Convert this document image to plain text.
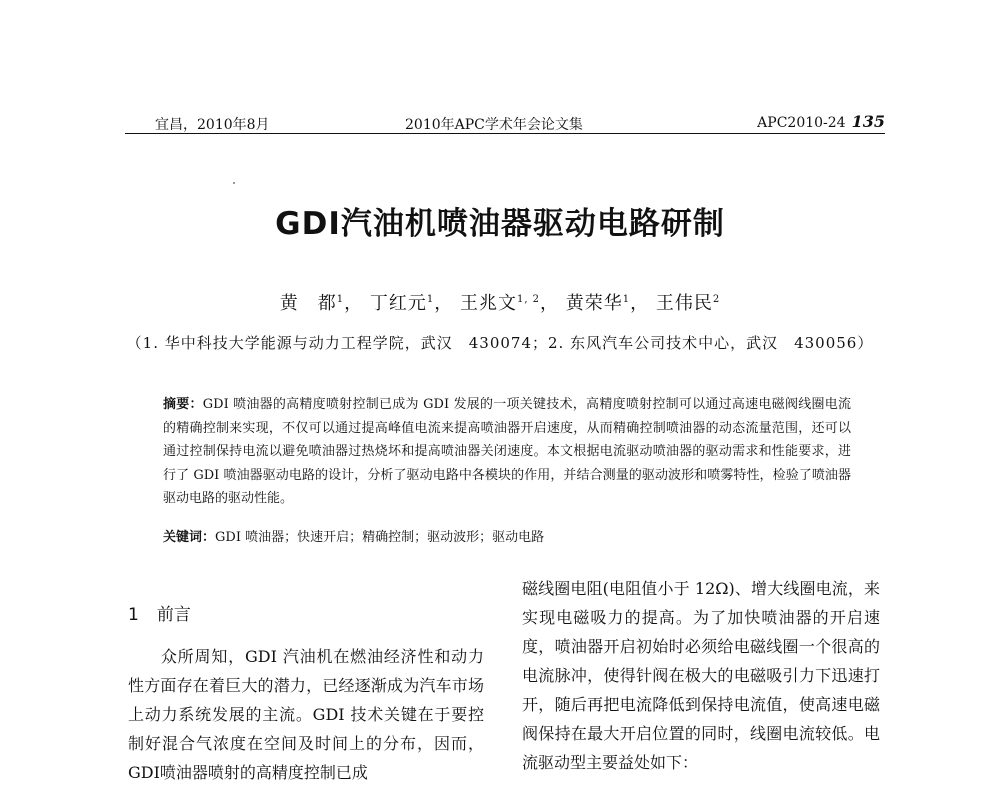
宜昌，2010年8月	2010年APC学术年会论文集	APC2010-24 135
GDI汽油机喷油器驱动电路研制
黄　都$^1$， 丁红元$^1$， 王兆文$^{1, 2}$， 黄荣华$^1$， 王伟民$^2$
（1. 华中科技大学能源与动力工程学院，武汉　430074；2. 东风汽车公司技术中心，武汉　430056）
摘要：GDI 喷油器的高精度喷射控制已成为 GDI 发展的一项关键技术，高精度喷射控制可以通过高速电磁阀线圈电流的精确控制来实现，不仅可以通过提高峰值电流来提高喷油器开启速度，从而精确控制喷油器的动态流量范围，还可以通过控制保持电流以避免喷油器过热烧坏和提高喷油器关闭速度。本文根据电流驱动喷油器的驱动需求和性能要求，进行了 GDI 喷油器驱动电路的设计，分析了驱动电路中各模块的作用，并结合测量的驱动波形和喷雾特性，检验了喷油器驱动电路的驱动性能。
关键词：GDI 喷油器；快速开启；精确控制；驱动波形；驱动电路
1 前言
众所周知，GDI 汽油机在燃油经济性和动力性方面存在着巨大的潜力，已经逐渐成为汽车市场上动力系统发展的主流。GDI 技术关键在于要控制好混合气浓度在空间及时间上的分布，因而，GDI喷油器喷射的高精度控制已成
磁线圈电阻(电阻值小于 12Ω)、增大线圈电流，来实现电磁吸力的提高。为了加快喷油器的开启速度，喷油器开启初始时必须给电磁线圈一个很高的电流脉冲，使得针阀在极大的电磁吸引力下迅速打开，随后再把电流降低到保持电流值，使高速电磁阀保持在最大开启位置的同时，线圈电流较低。电流驱动型主要益处如下：
